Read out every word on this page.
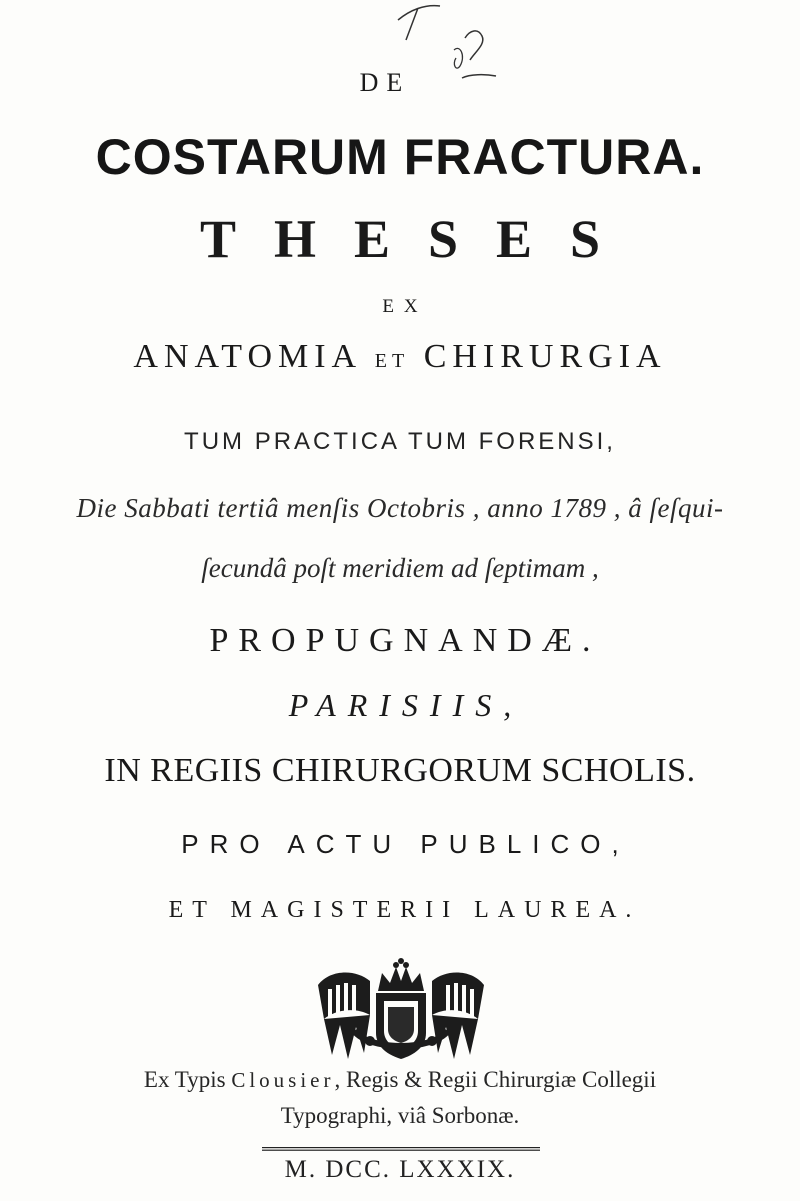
DE
COSTARUM FRACTURA.
THESES
EX
ANATOMIA ET CHIRURGIA
TUM PRACTICA TUM FORENSI,
Die Sabbati tertiâ menſis Octobris , anno 1789 , â ſeſqui-
ſecundâ poſt meridiem ad ſeptimam ,
PROPUGNANDÆ.
PARISIIS,
IN REGIIS CHIRURGORUM SCHOLIS.
PRO ACTU PUBLICO,
ET MAGISTERII LAUREA.
Ex Typis Clousier, Regis & Regii Chirurgiæ Collegii
Typographi, viâ Sorbonæ.
M. DCC. LXXXIX.
